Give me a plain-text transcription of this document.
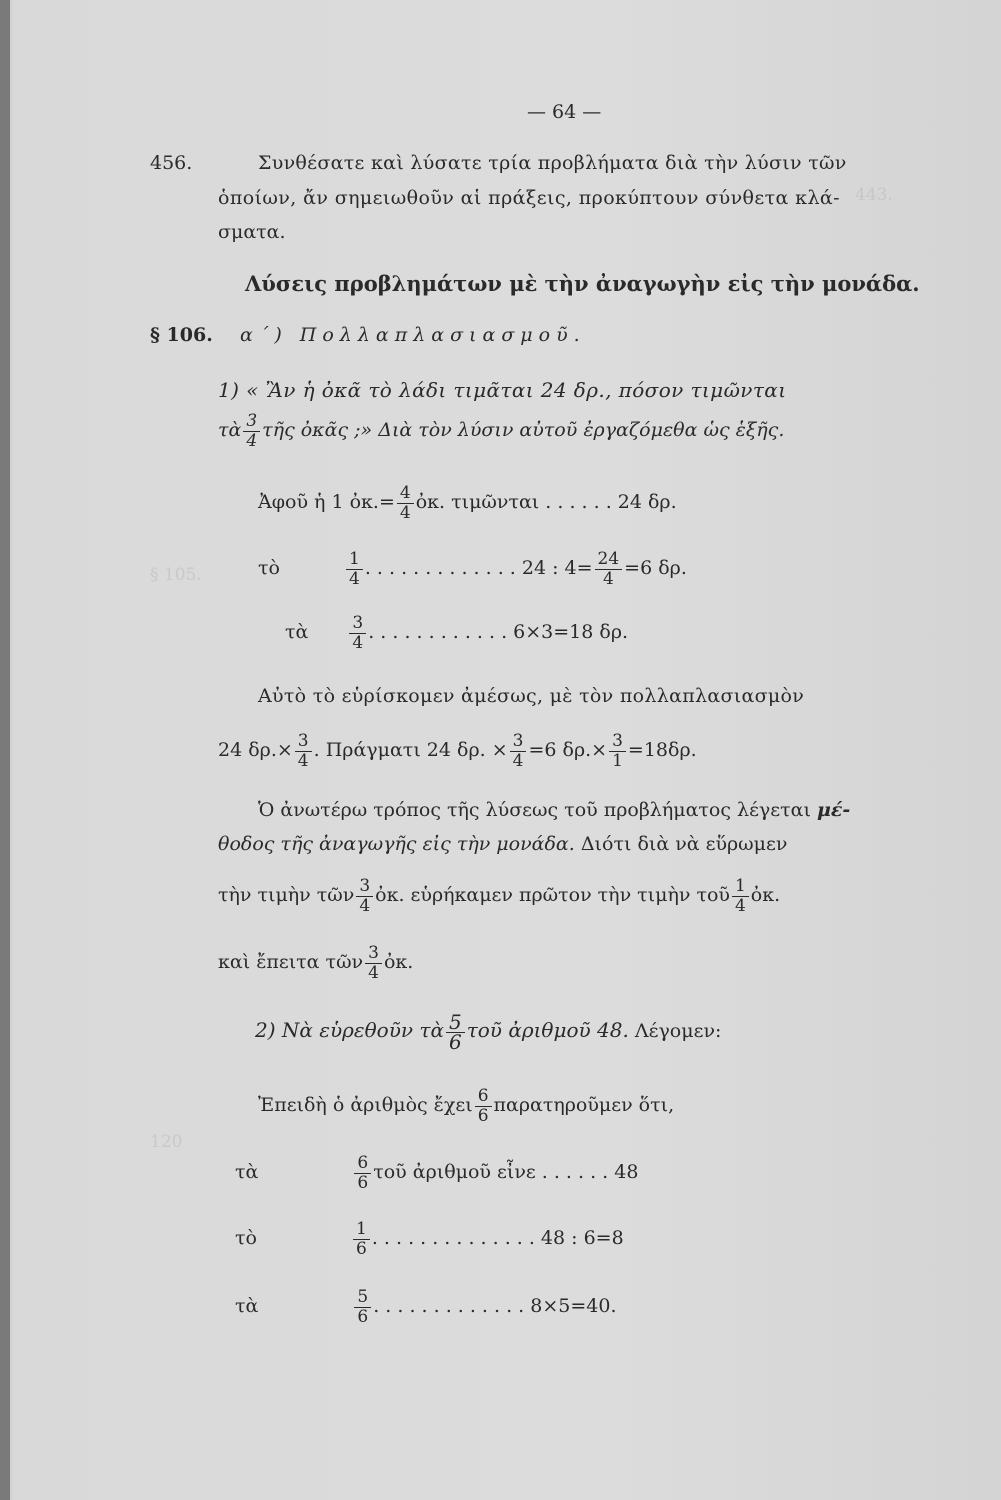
443.
§ 105.
120
— 64 —
456.	Συνθέσατε καὶ λύσατε τρία προβλήματα διὰ τὴν λύσιν τῶν
ὁποίων, ἄν σημειωθοῦν αἱ πράξεις, προκύπτουν σύνθετα κλά-
σματα.
Λύσεις προβλημάτων μὲ τὴν ἀναγωγὴν εἰς τὴν μονάδα.
§ 106. α΄) Πολλαπλασιασμοῦ.
1) « Ἂν ἡ ὀκᾶ τὸ λάδι τιμᾶται 24 δρ., πόσον τιμῶνται
τὰ $\frac{3}{4}$ τῆς ὀκᾶς ;» Διὰ τὸν λύσιν αὐτοῦ ἐργαζόμεθα ὡς ἑξῆς.
Ἀφοῦ ἡ 1 ὀκ.= $\frac{4}{4}$ ὀκ. τιμῶνται . . . . . . 24 δρ.
τὸ	$\frac{1}{4}$ . . . . . . . . . . . . . 24 : $4= \frac{24}{4} =6$ δρ.
τὰ $\frac{3}{4}$ . . . . . . . . . . . . 6×3=18 δρ.
Αὐτὸ τὸ εὑρίσκομεν ἀμέσως, μὲ τὸν πολλαπλασιασμὸν
24 $\delta\rho.\times \frac{3}{4}$ . Πράγματι 24 δρ. × $\frac{3}{4} =6$ $\delta\rho.\times \frac{3}{1} =18\delta\rho$.
Ὁ ἀνωτέρω τρόπος τῆς λύσεως τοῦ προβλήματος λέγεται μέ-
θοδος τῆς ἀναγωγῆς εἰς τὴν μονάδα. Διότι διὰ νὰ εὕρωμεν
τὴν τιμὴν τῶν $\frac{3}{4}$ ὀκ. εὑρήκαμεν πρῶτον τὴν τιμὴν τοῦ $\frac{1}{4}$ ὀκ.
καὶ ἔπειτα τῶν $\frac{3}{4}$ ὀκ.
2) Νὰ εὑρεθοῦν τὰ $\frac{5}{6}$ τοῦ ἀριθμοῦ 48. Λέγομεν:
Ἐπειδὴ ὁ ἀριθμὸς ἔχει $\frac{6}{6}$ παρατηροῦμεν ὅτι,
τὰ	$\frac{6}{6}$ τοῦ ἀριθμοῦ εἶνε . . . . . . 48
τὸ	$\frac{1}{6}$ . . . . . . . . . . . . . . 48 : 6=8
τὰ	$\frac{5}{6}$ . . . . . . . . . . . . . 8×5=40.
